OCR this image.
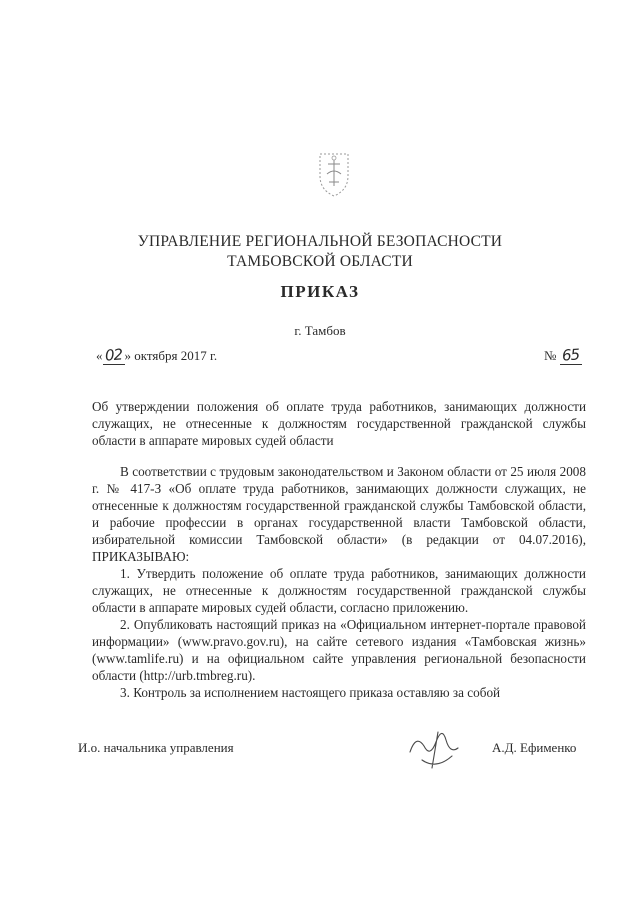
УПРАВЛЕНИЕ РЕГИОНАЛЬНОЙ БЕЗОПАСНОСТИ
ТАМБОВСКОЙ ОБЛАСТИ
ПРИКАЗ
г. Тамбов
« 02 » октября 2017 г.	№ 65
Об утверждении положения об оплате труда работников, занимающих должности служащих, не отнесенные к должностям государственной гражданской службы области в аппарате мировых судей области

В соответствии с трудовым законодательством и Законом области от 25 июля 2008 г. № 417-З «Об оплате труда работников, занимающих должности служащих, не отнесенные к должностям государственной гражданской службы Тамбовской области, и рабочие профессии в органах государственной власти Тамбовской области, избирательной комиссии Тамбовской области» (в редакции от 04.07.2016), ПРИКАЗЫВАЮ:

1. Утвердить положение об оплате труда работников, занимающих должности служащих, не отнесенные к должностям государственной гражданской службы области в аппарате мировых судей области, согласно приложению.

2. Опубликовать настоящий приказ на «Официальном интернет-портале правовой информации» (www.pravo.gov.ru), на сайте сетевого издания «Тамбовская жизнь» (www.tamlife.ru) и на официальном сайте управления региональной безопасности области (http://urb.tmbreg.ru).

3. Контроль за исполнением настоящего приказа оставляю за собой

И.о. начальника управления	А.Д. Ефименко
